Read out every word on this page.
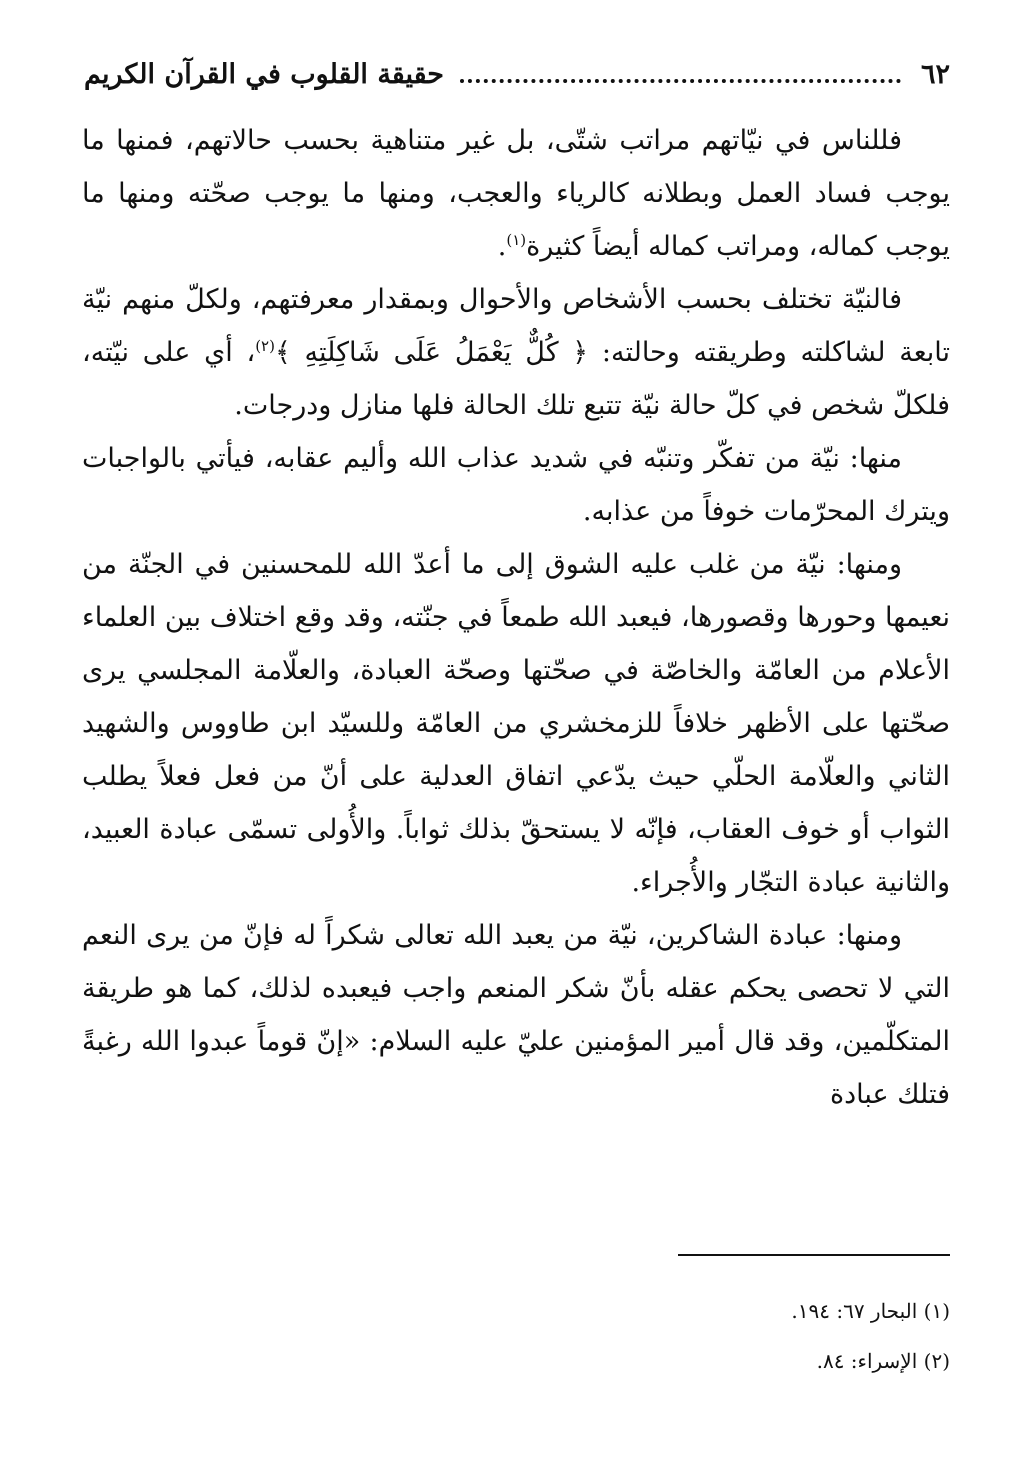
٦٢
حقيقة القلوب في القرآن الكريم

فللناس في نيّاتهم مراتب شتّى، بل غير متناهية بحسب حالاتهم، فمنها ما يوجب فساد العمل وبطلانه كالرياء والعجب، ومنها ما يوجب صحّته ومنها ما يوجب كماله، ومراتب كماله أيضاً كثيرة$^{(١)}$.

فالنيّة تختلف بحسب الأشخاص والأحوال وبمقدار معرفتهم، ولكلّ منهم نيّة تابعة لشاكلته وطريقته وحالته: ﴿ كُلٌّ يَعْمَلُ عَلَى شَاكِلَتِهِ ﴾$^{(٢)}$، أي على نيّته، فلكلّ شخص في كلّ حالة نيّة تتبع تلك الحالة فلها منازل ودرجات.

منها: نيّة من تفكّر وتنبّه في شديد عذاب الله وأليم عقابه، فيأتي بالواجبات ويترك المحرّمات خوفاً من عذابه.

ومنها: نيّة من غلب عليه الشوق إلى ما أعدّ الله للمحسنين في الجنّة من نعيمها وحورها وقصورها، فيعبد الله طمعاً في جنّته، وقد وقع اختلاف بين العلماء الأعلام من العامّة والخاصّة في صحّتها وصحّة العبادة، والعلّامة المجلسي يرى صحّتها على الأظهر خلافاً للزمخشري من العامّة وللسيّد ابن طاووس والشهيد الثاني والعلّامة الحلّي حيث يدّعي اتفاق العدلية على أنّ من فعل فعلاً يطلب الثواب أو خوف العقاب، فإنّه لا يستحقّ بذلك ثواباً. والأُولى تسمّى عبادة العبيد، والثانية عبادة التجّار والأُجراء.

ومنها: عبادة الشاكرين، نيّة من يعبد الله تعالى شكراً له فإنّ من يرى النعم التي لا تحصى يحكم عقله بأنّ شكر المنعم واجب فيعبده لذلك، كما هو طريقة المتكلّمين، وقد قال أمير المؤمنين عليّ عليه السلام: «إنّ قوماً عبدوا الله رغبةً فتلك عبادة

(١) البحار ٦٧: ١٩٤.
(٢) الإسراء: ٨٤.
